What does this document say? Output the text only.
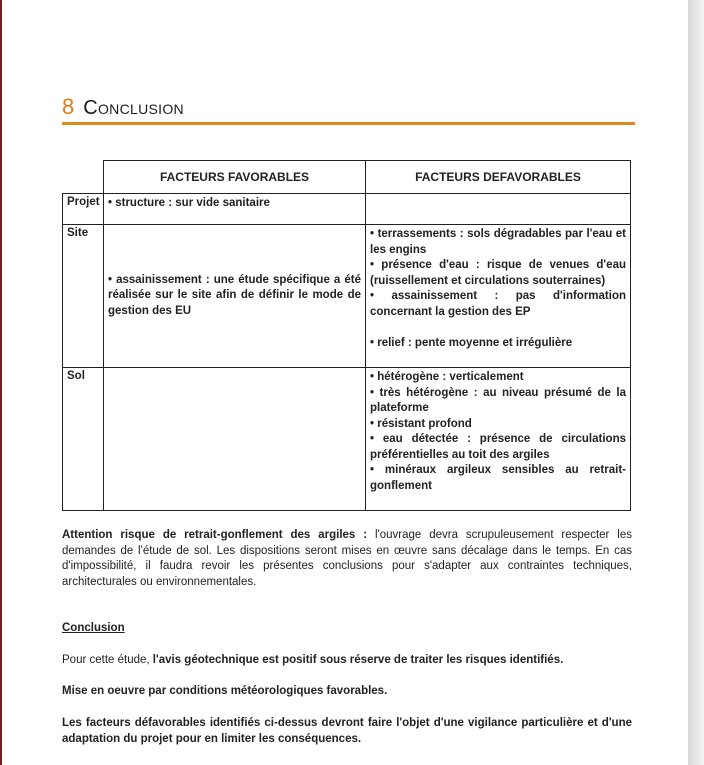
8 Conclusion
	FACTEURS FAVORABLES	FACTEURS DEFAVORABLES
Projet	• structure : sur vide sanitaire	

Site	• assainissement : une étude spécifique a été réalisée sur le site afin de définir le mode de gestion des EU	• terrassements : sols dégradables par l'eau et les engins
• présence d'eau : risque de venues d'eau (ruissellement et circulations souterraines)
• assainissement : pas d'information concernant la gestion des EP
• relief : pente moyenne et irrégulière

Sol		• hétérogène : verticalement
• très hétérogène : au niveau présumé de la plateforme
• résistant profond
• eau détectée : présence de circulations préférentielles au toit des argiles
• minéraux argileux sensibles au retrait-gonflement
Attention risque de retrait-gonflement des argiles : l'ouvrage devra scrupuleusement respecter les demandes de l'étude de sol. Les dispositions seront mises en œuvre sans décalage dans le temps. En cas d'impossibilité, il faudra revoir les présentes conclusions pour s'adapter aux contraintes techniques, architecturales ou environnementales.
Conclusion
Pour cette étude, l'avis géotechnique est positif sous réserve de traiter les risques identifiés.
Mise en oeuvre par conditions météorologiques favorables.
Les facteurs défavorables identifiés ci-dessus devront faire l'objet d'une vigilance particulière et d'une adaptation du projet pour en limiter les conséquences.
